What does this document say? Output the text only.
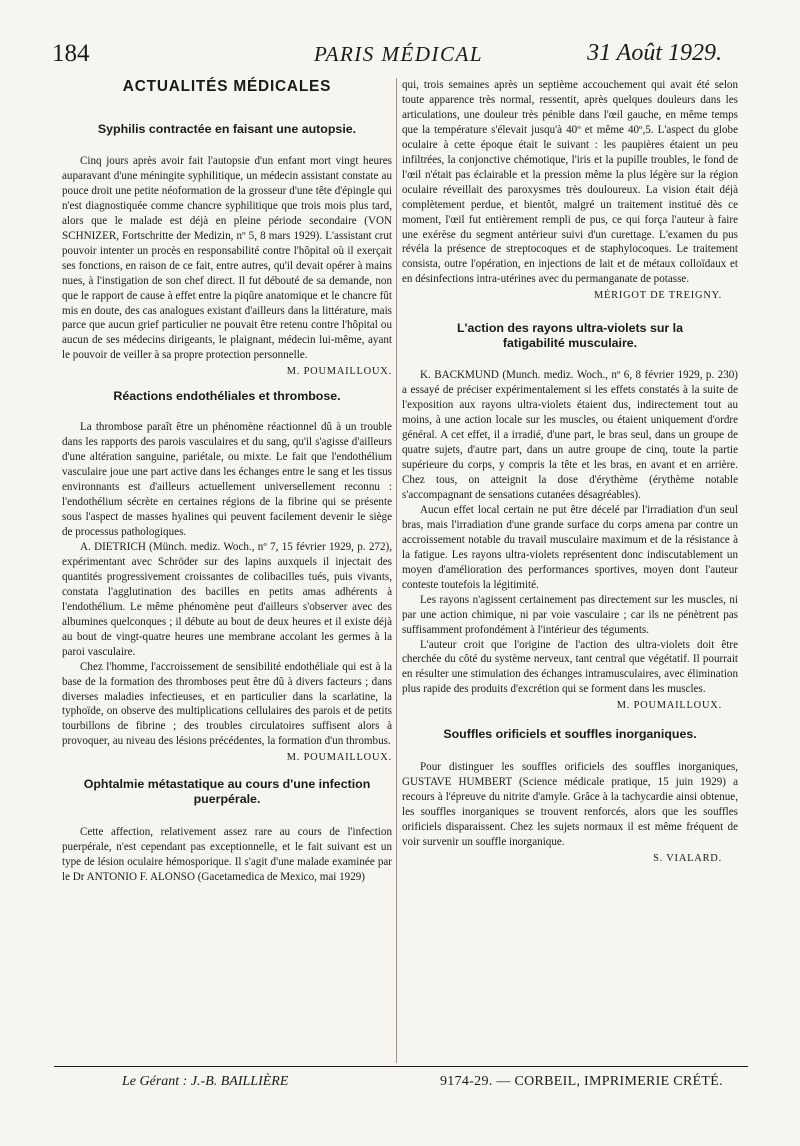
184	PARIS MÉDICAL	31 Août 1929.
ACTUALITÉS MÉDICALES
Syphilis contractée en faisant une autopsie.

Cinq jours après avoir fait l'autopsie d'un enfant mort vingt heures auparavant d'une méningite syphilitique, un médecin assistant constate au pouce droit une petite néoformation de la grosseur d'une tête d'épingle qui n'est diagnostiquée comme chancre syphilitique que trois mois plus tard, alors que le malade est déjà en pleine période secondaire (VON SCHNIZER, Fortschritte der Medizin, nº 5, 8 mars 1929). L'assistant crut pouvoir intenter un procès en responsabilité contre l'hôpital où il exerçait ses fonctions, en raison de ce fait, entre autres, qu'il devait opérer à mains nues, à l'instigation de son chef direct. Il fut débouté de sa demande, non que le rapport de cause à effet entre la piqûre anatomique et le chancre fût mis en doute, des cas analogues existant d'ailleurs dans la littérature, mais parce que aucun grief particulier ne pouvait être retenu contre l'hôpital ou aucun de ses médecins dirigeants, le plaignant, médecin lui-même, ayant le pouvoir de veiller à sa propre protection personnelle.

M. POUMAILLOUX.
Réactions endothéliales et thrombose.

La thrombose paraît être un phénomène réactionnel dû à un trouble dans les rapports des parois vasculaires et du sang, qu'il s'agisse d'ailleurs d'une altération sanguine, pariétale, ou mixte. Le fait que l'endothélium vasculaire joue une part active dans les échanges entre le sang et les tissus environnants est d'ailleurs actuellement universellement reconnu : l'endothélium sécrète en certaines régions de la fibrine qui se présente sous l'aspect de masses hyalines qui peuvent facilement devenir le siège de processus pathologiques.

A. DIETRICH (Münch. mediz. Woch., nº 7, 15 février 1929, p. 272), expérimentant avec Schröder sur des lapins auxquels il injectait des quantités progressivement croissantes de colibacilles tués, puis vivants, constata l'agglutination des bacilles en petits amas adhérents à l'endothélium. Le même phénomène peut d'ailleurs s'observer avec des albumines quelconques ; il débute au bout de deux heures et il existe déjà au bout de vingt-quatre heures une membrane accolant les germes à la paroi vasculaire.

Chez l'homme, l'accroissement de sensibilité endothéliale qui est à la base de la formation des thromboses peut être dû à divers facteurs ; dans diverses maladies infectieuses, et en particulier dans la scarlatine, la typhoïde, on observe des multiplications cellulaires des parois et de petits tourbillons de fibrine ; des troubles circulatoires suffisent alors à provoquer, au niveau des lésions précédentes, la formation d'un thrombus.

M. POUMAILLOUX.
Ophtalmie métastatique au cours d'une infection puerpérale.

Cette affection, relativement assez rare au cours de l'infection puerpérale, n'est cependant pas exceptionnelle, et le fait suivant est un type de lésion oculaire hémosporique. Il s'agit d'une malade examinée par le Dr ANTONIO F. ALONSO (Gacetamedica de Mexico, mai 1929)

qui, trois semaines après un septième accouchement qui avait été selon toute apparence très normal, ressentit, après quelques douleurs dans les articulations, une douleur très pénible dans l'œil gauche, en même temps que la température s'élevait jusqu'à 40º et même 40º,5. L'aspect du globe oculaire à cette époque était le suivant : les paupières étaient un peu infiltrées, la conjonctive chémotique, l'iris et la pupille troubles, le fond de l'œil n'était pas éclairable et la pression même la plus légère sur la région oculaire réveillait des paroxysmes très douloureux. La vision était déjà complètement perdue, et bientôt, malgré un traitement institué dès ce moment, l'œil fut entièrement rempli de pus, ce qui força l'auteur à faire une exérèse du segment antérieur suivi d'un curettage. L'examen du pus révéla la présence de streptocoques et de staphylocoques. Le traitement consista, outre l'opération, en injections de lait et de métaux colloïdaux et en désinfections intra-utérines avec du permanganate de potasse.

MÉRIGOT DE TREIGNY.
L'action des rayons ultra-violets sur la fatigabilité musculaire.

K. BACKMUND (Munch. mediz. Woch., nº 6, 8 février 1929, p. 230) a essayé de préciser expérimentalement si les effets constatés à la suite de l'exposition aux rayons ultra-violets étaient dus, indirectement tout au moins, à une action locale sur les muscles, ou étaient uniquement d'ordre général. A cet effet, il a irradié, d'une part, le bras seul, dans un groupe de quatre sujets, d'autre part, dans un autre groupe de cinq, toute la partie supérieure du corps, y compris la tête et les bras, en avant et en arrière. Chez tous, on atteignit la dose d'érythème (érythème notable s'accompagnant de sensations cutanées désagréables).

Aucun effet local certain ne put être décelé par l'irradiation d'un seul bras, mais l'irradiation d'une grande surface du corps amena par contre un accroissement notable du travail musculaire maximum et de la résistance à la fatigue. Les rayons ultra-violets représentent donc indiscutablement un moyen d'amélioration des performances sportives, moyen dont l'auteur conteste toutefois la légitimité.

Les rayons n'agissent certainement pas directement sur les muscles, ni par une action chimique, ni par voie vasculaire ; car ils ne pénètrent pas suffisamment profondément à l'intérieur des téguments.

L'auteur croit que l'origine de l'action des ultra-violets doit être cherchée du côté du système nerveux, tant central que végétatif. Il pourrait en résulter une stimulation des échanges intramusculaires, avec élimination plus rapide des produits d'excrétion qui se forment dans les muscles.

M. POUMAILLOUX.
Souffles orificiels et souffles inorganiques.

Pour distinguer les souffles orificiels des souffles inorganiques, GUSTAVE HUMBERT (Science médicale pratique, 15 juin 1929) a recours à l'épreuve du nitrite d'amyle. Grâce à la tachycardie ainsi obtenue, les souffles inorganiques se trouvent renforcés, alors que les souffles orificiels disparaissent. Chez les sujets normaux il est même fréquent de voir survenir un souffle inorganique.

S. VIALARD.
Le Gérant : J.-B. BAILLIÈRE	9174-29. — CORBEIL, IMPRIMERIE CRÉTÉ.
